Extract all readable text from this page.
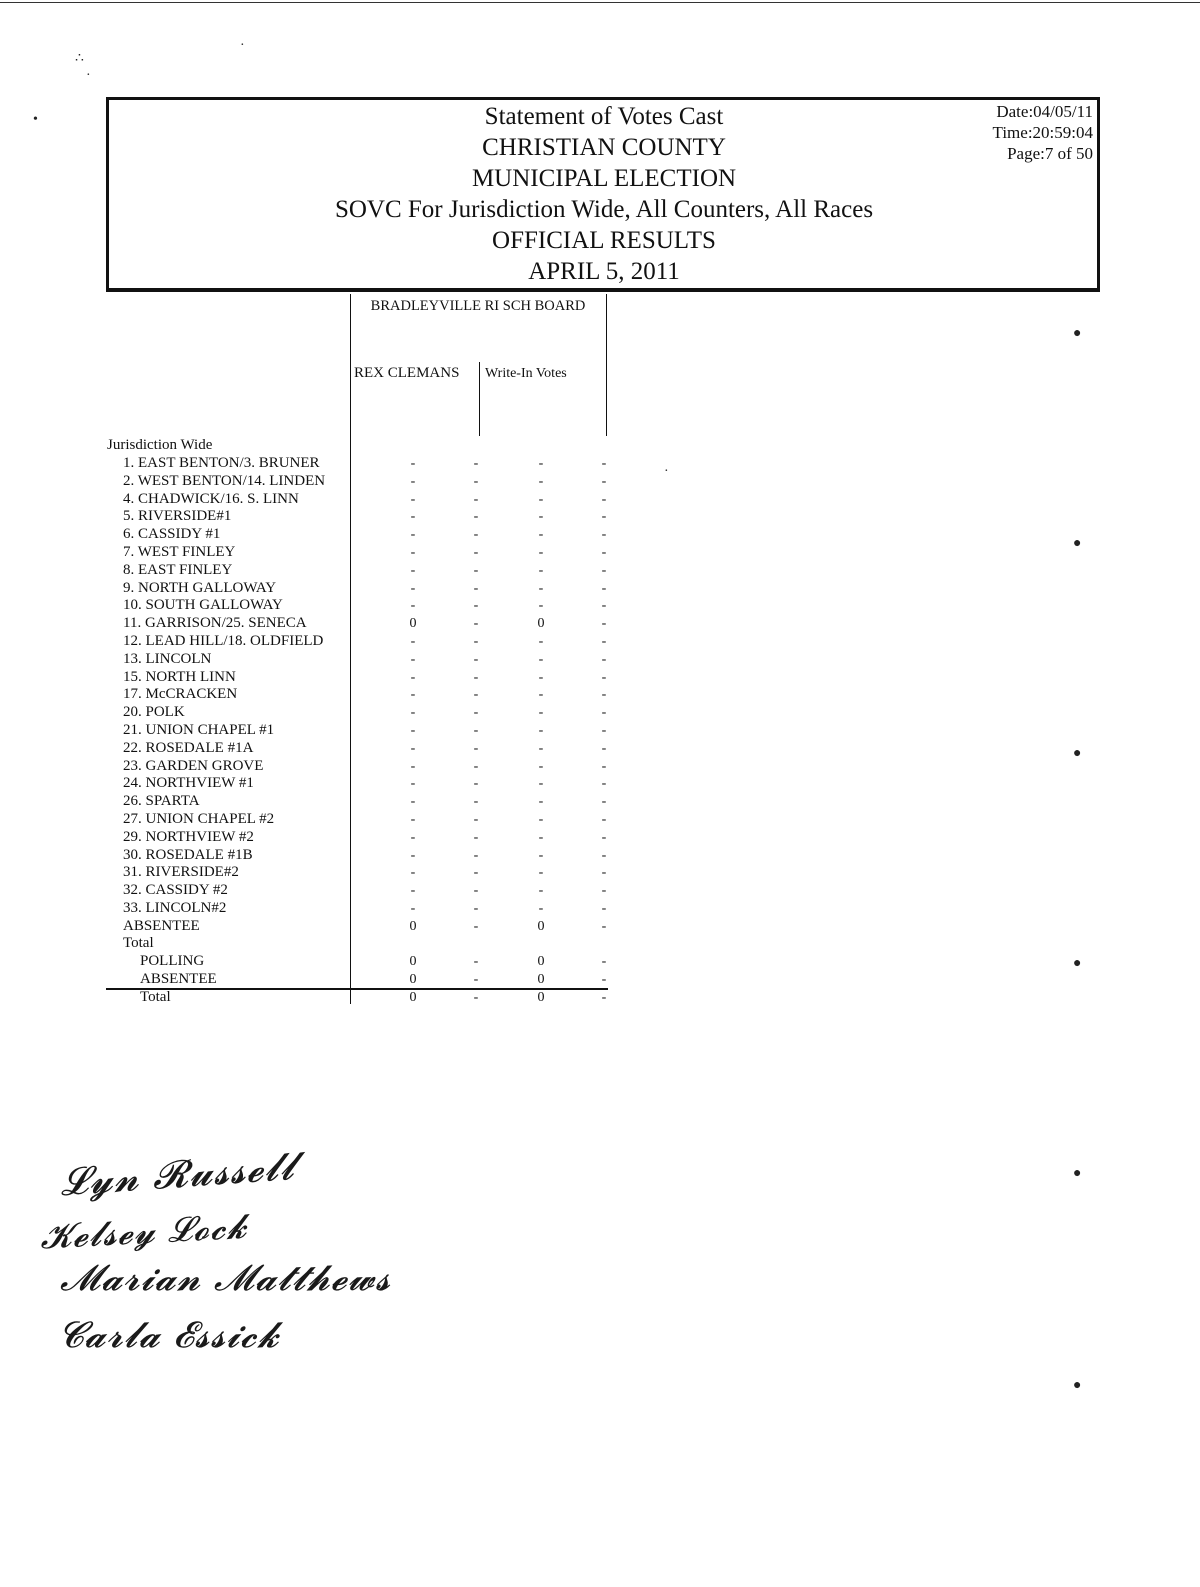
Statement of Votes Cast
CHRISTIAN COUNTY
MUNICIPAL ELECTION
SOVC For Jurisdiction Wide, All Counters, All Races
OFFICIAL RESULTS
APRIL 5, 2011
Date:04/05/11
Time:20:59:04
Page:7 of 50
BRADLEYVILLE RI SCH BOARD
REX CLEMANS Write-In Votes
Jurisdiction Wide
1. EAST BENTON/3. BRUNER	-	-	-	-
2. WEST BENTON/14. LINDEN	-	-	-	-
4. CHADWICK/16. S. LINN	-	-	-	-
5. RIVERSIDE#1	-	-	-	-
6. CASSIDY #1	-	-	-	-
7. WEST FINLEY	-	-	-	-
8. EAST FINLEY	-	-	-	-
9. NORTH GALLOWAY	-	-	-	-
10. SOUTH GALLOWAY	-	-	-	-
11. GARRISON/25. SENECA	0	-	0	-
12. LEAD HILL/18. OLDFIELD	-	-	-	-
13. LINCOLN	-	-	-	-
15. NORTH LINN	-	-	-	-
17. McCRACKEN	-	-	-	-
20. POLK	-	-	-	-
21. UNION CHAPEL #1	-	-	-	-
22. ROSEDALE #1A	-	-	-	-
23. GARDEN GROVE	-	-	-	-
24. NORTHVIEW #1	-	-	-	-
26. SPARTA	-	-	-	-
27. UNION CHAPEL #2	-	-	-	-
29. NORTHVIEW #2	-	-	-	-
30. ROSEDALE #1B	-	-	-	-
31. RIVERSIDE#2	-	-	-	-
32. CASSIDY #2	-	-	-	-
33. LINCOLN#2	-	-	-	-
ABSENTEE	0	-	0	-
Total
POLLING	0	-	0	-
ABSENTEE	0	-	0	-
Total	0	-	0	-
∴
·
·
•
●
●
●
●
●
●
·
𝓛𝔂𝓷 𝓡𝓾𝓼𝓼𝓮𝓵𝓵
𝓚𝓮𝓵𝓼𝓮𝔂 𝓛𝓸𝓬𝓴
𝓜𝓪𝓻𝓲𝓪𝓷 𝓜𝓪𝓽𝓽𝓱𝓮𝔀𝓼
𝓒𝓪𝓻𝓵𝓪 𝓔𝓼𝓼𝓲𝓬𝓴
